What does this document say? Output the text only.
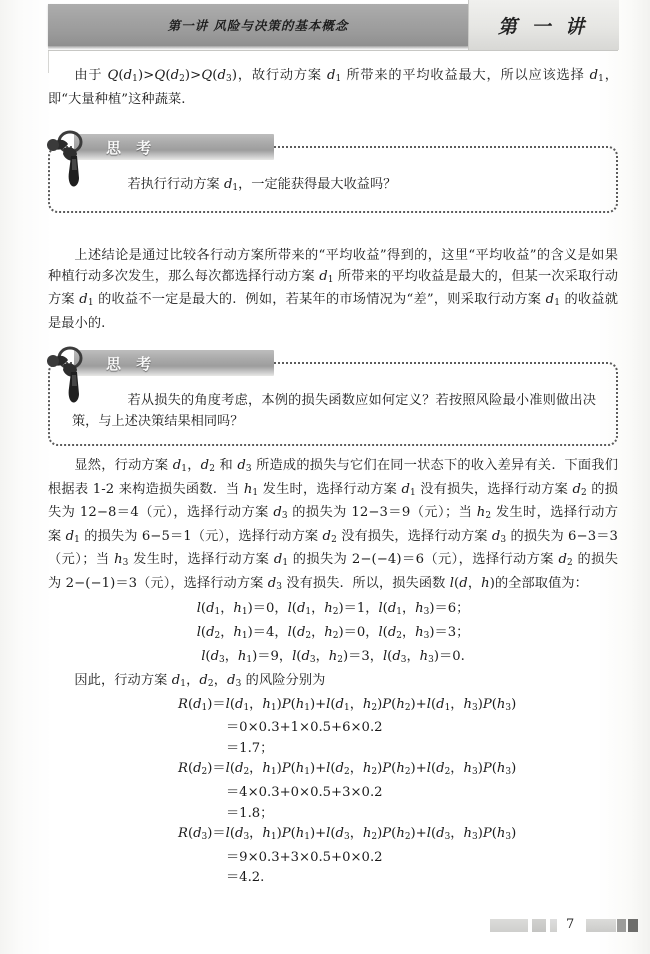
第一讲 风险与决策的基本概念	第 一 讲

由于 $Q(d_1)>Q(d_2)>Q(d_3)$，故行动方案 $d_1$ 所带来的平均收益最大，所以应该选择 $d_1$，即“大量种植”这种蔬菜.

思 考
若执行行动方案 $d_1$，一定能获得最大收益吗？

上述结论是通过比较各行动方案所带来的“平均收益”得到的，这里“平均收益”的含义是如果种植行动多次发生，那么每次都选择行动方案 $d_1$ 所带来的平均收益是最大的，但某一次采取行动方案 $d_1$ 的收益不一定是最大的.  例如，若某年的市场情况为“差”，则采取行动方案 $d_1$ 的收益就是最小的.

思 考
若从损失的角度考虑，本例的损失函数应如何定义？若按照风险最小准则做出决策，与上述决策结果相同吗？

显然，行动方案 $d_1$，$d_2$ 和 $d_3$ 所造成的损失与它们在同一状态下的收入差异有关.  下面我们根据表 1-2 来构造损失函数.  当 $h_1$ 发生时，选择行动方案 $d_1$ 没有损失，选择行动方案 $d_2$ 的损失为 12−8＝4（元），选择行动方案 $d_3$ 的损失为 12−3＝9（元）；当 $h_2$ 发生时，选择行动方案 $d_1$ 的损失为 6−5＝1（元），选择行动方案 $d_2$ 没有损失，选择行动方案 $d_3$ 的损失为 6−3＝3（元）；当 $h_3$ 发生时，选择行动方案 $d_1$ 的损失为 2−(−4)＝6（元），选择行动方案 $d_2$ 的损失为 2−(−1)＝3（元），选择行动方案 $d_3$ 没有损失.  所以，损失函数 l(d，h)的全部取值为：

$l(d_1$，$h_1)=0$，$l(d_1$，$h_2)=1$，$l(d_1$，$h_3)=6$；
$l(d_2$，$h_1)=4$，$l(d_2$，$h_2)=0$，$l(d_2$，$h_3)=3$；
$l(d_3$，$h_1)=9$，$l(d_3$，$h_2)=3$，$l(d_3$，$h_3)=0$.

因此，行动方案 $d_1$，$d_2$，$d_3$ 的风险分别为

$R(d_1)=l(d_1$，$h_1)P(h_1)+l(d_1$，$h_2)P(h_2)+l(d_1$，$h_3)P(h_3)$
＝0×0.3+1×0.5+6×0.2
＝1.7；
$R(d_2)=l(d_2$，$h_1)P(h_1)+l(d_2$，$h_2)P(h_2)+l(d_2$，$h_3)P(h_3)$
＝4×0.3+0×0.5+3×0.2
＝1.8；
$R(d_3)=l(d_3$，$h_1)P(h_1)+l(d_3$，$h_2)P(h_2)+l(d_3$，$h_3)P(h_3)$
＝9×0.3+3×0.5+0×0.2
＝4.2.
7
